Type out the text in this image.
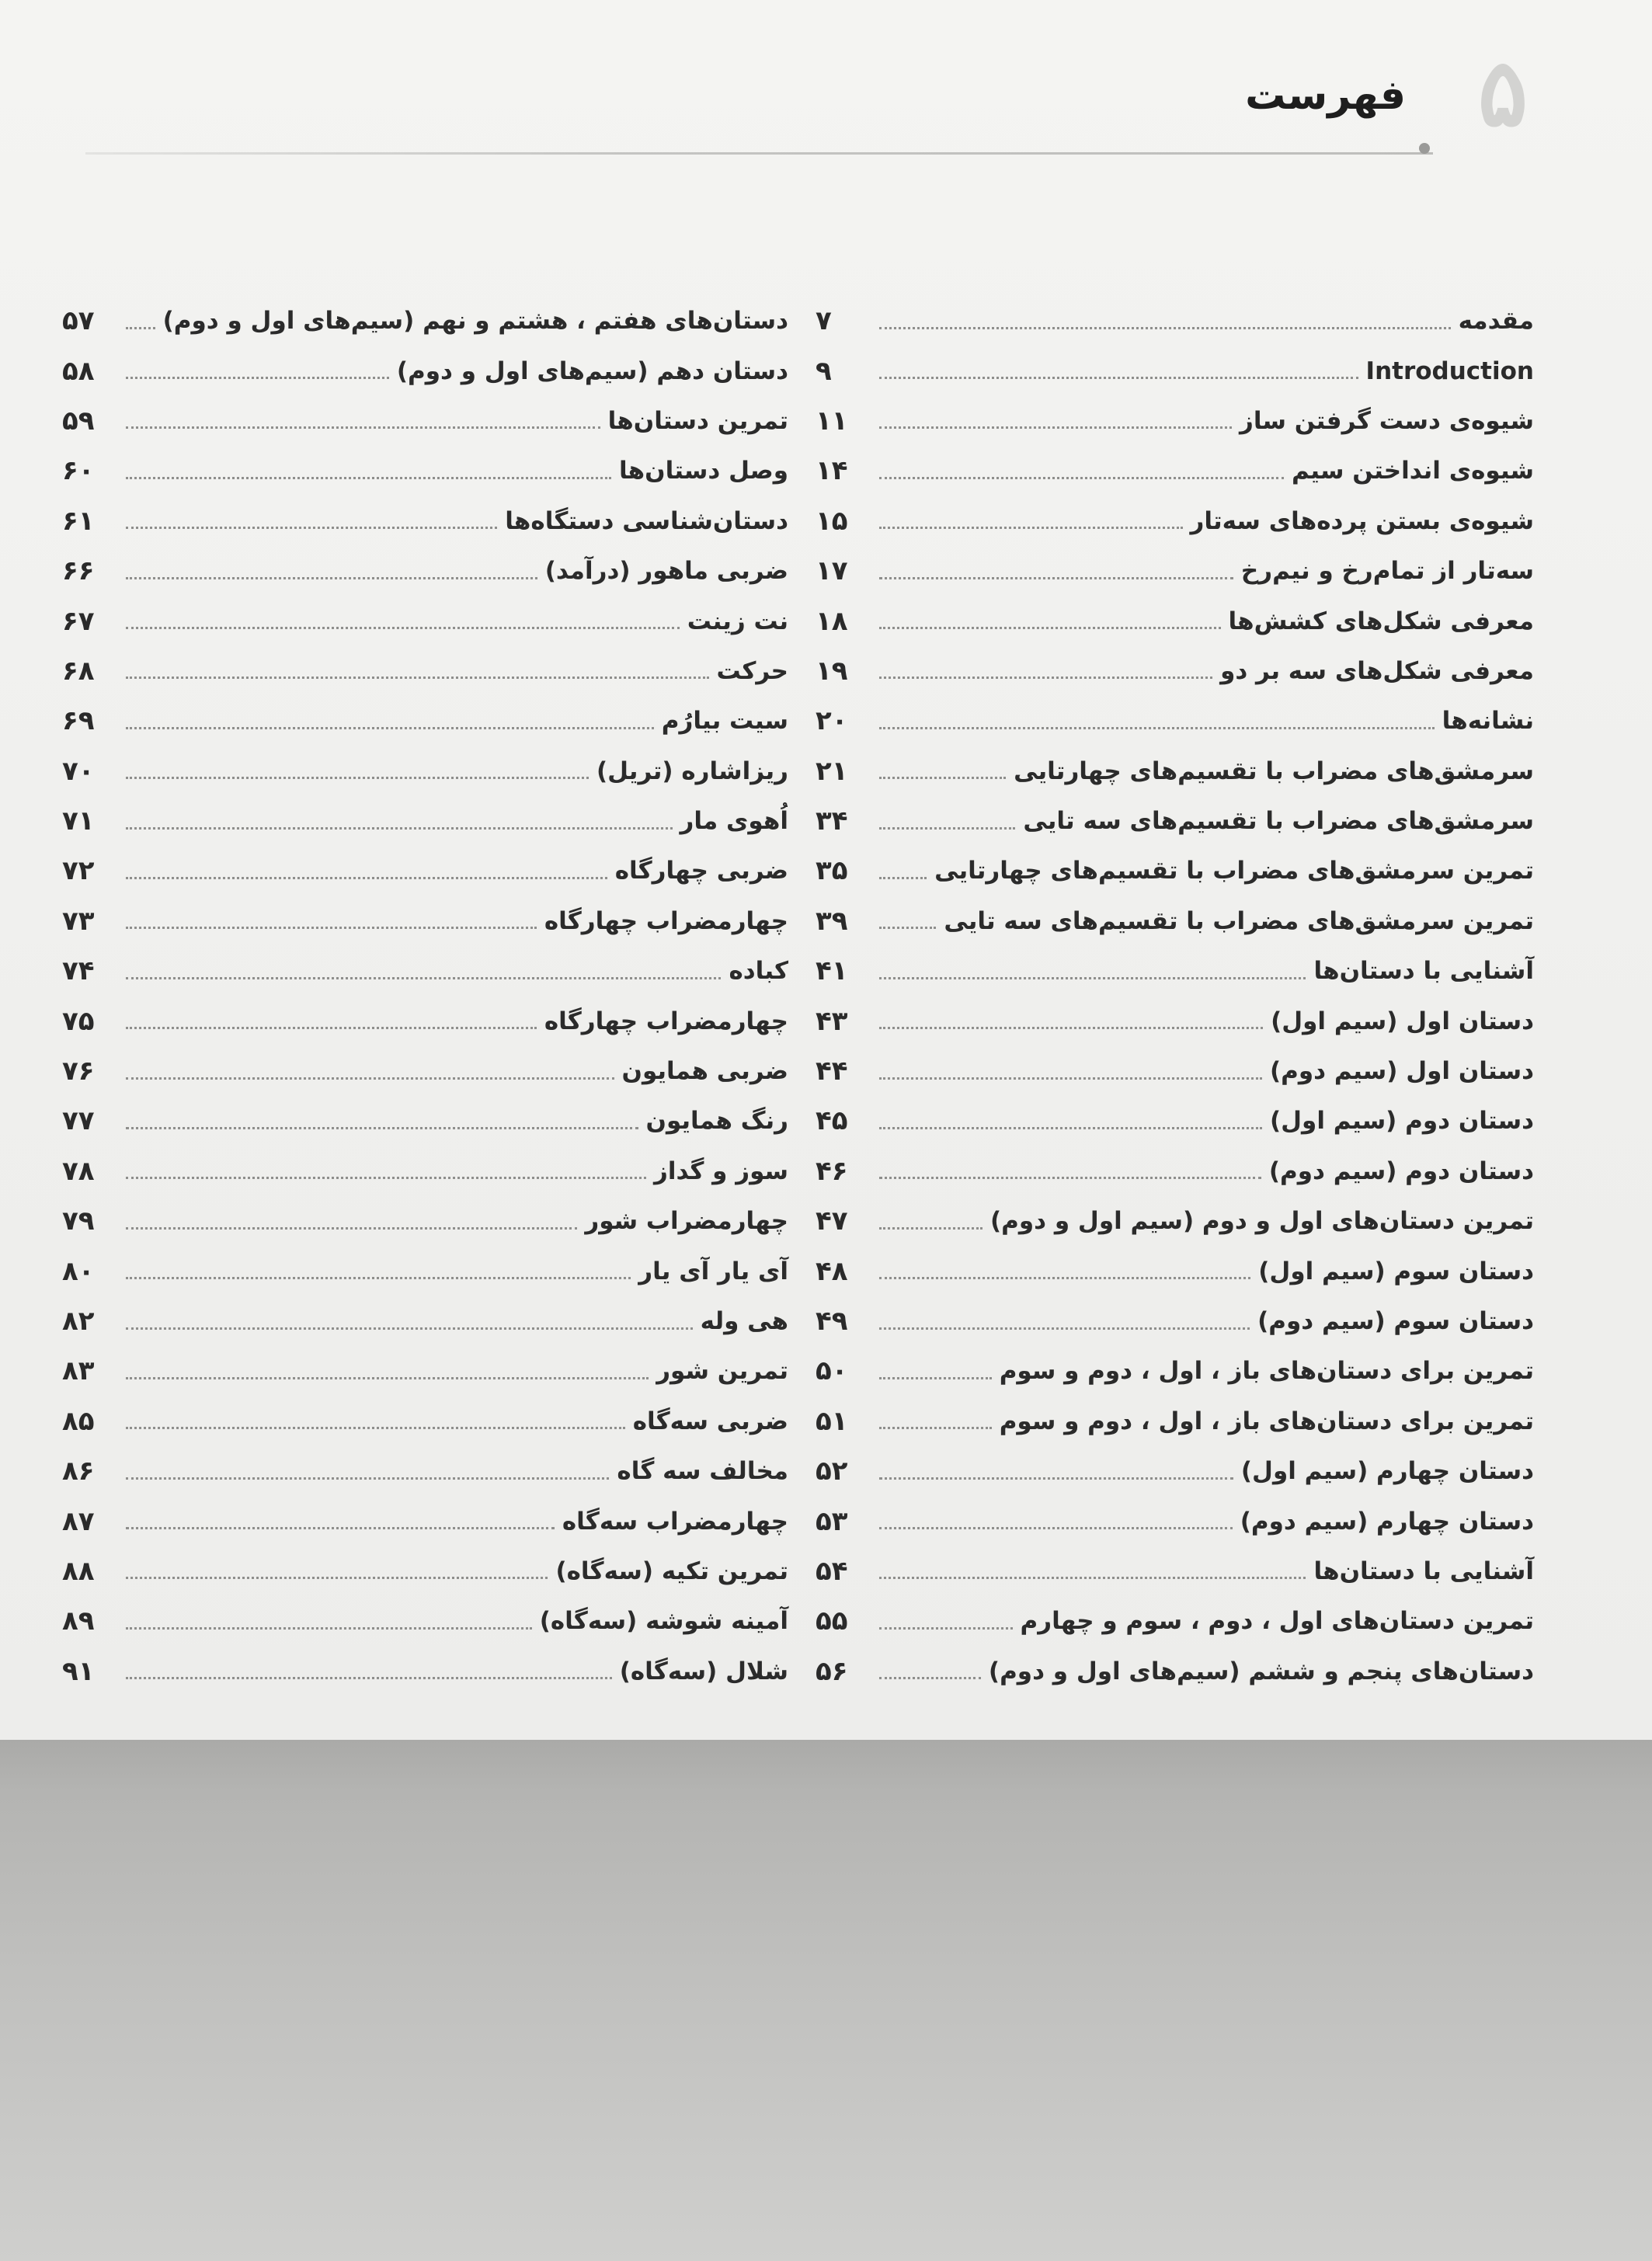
۵
فهرست
مقدمه
۷
Introduction
۹
شیوه‌ی دست گرفتن ساز
۱۱
شیوه‌ی انداختن سیم
۱۴
شیوه‌ی بستن پرده‌های سه‌تار
۱۵
سه‌تار از تمام‌رخ و نیم‌رخ
۱۷
معرفی شکل‌های کشش‌ها
۱۸
معرفی شکل‌های سه بر دو
۱۹
نشانه‌ها
۲۰
سرمشق‌های مضراب با تقسیم‌های چهارتایی
۲۱
سرمشق‌های مضراب با تقسیم‌های سه تایی
۳۴
تمرین سرمشق‌های مضراب با تقسیم‌های چهارتایی
۳۵
تمرین سرمشق‌های مضراب با تقسیم‌های سه تایی
۳۹
آشنایی با دستان‌ها
۴۱
دستان اول (سیم اول)
۴۳
دستان اول (سیم دوم)
۴۴
دستان دوم (سیم اول)
۴۵
دستان دوم (سیم دوم)
۴۶
تمرین دستان‌های اول و دوم (سیم اول و دوم)
۴۷
دستان سوم (سیم اول)
۴۸
دستان سوم (سیم دوم)
۴۹
تمرین برای دستان‌های باز ، اول ، دوم و سوم
۵۰
تمرین برای دستان‌های باز ، اول ، دوم و سوم
۵۱
دستان چهارم (سیم اول)
۵۲
دستان چهارم (سیم دوم)
۵۳
آشنایی با دستان‌ها
۵۴
تمرین دستان‌های اول ، دوم ، سوم و چهارم
۵۵
دستان‌های پنجم و ششم (سیم‌های اول و دوم)
۵۶
دستان‌های هفتم ، هشتم و نهم (سیم‌های اول و دوم)
۵۷
دستان دهم (سیم‌های اول و دوم)
۵۸
تمرین دستان‌ها
۵۹
وصل دستان‌ها
۶۰
دستان‌شناسی دستگاه‌ها
۶۱
ضربی ماهور (درآمد)
۶۶
نت زینت
۶۷
حرکت
۶۸
سیت بیارُم
۶۹
ریزاشاره (تریل)
۷۰
اُهوی مار
۷۱
ضربی چهارگاه
۷۲
چهارمضراب چهارگاه
۷۳
کباده
۷۴
چهارمضراب چهارگاه
۷۵
ضربی همایون
۷۶
رنگ همایون
۷۷
سوز و گداز
۷۸
چهارمضراب شور
۷۹
آی یار آی یار
۸۰
هی وله
۸۲
تمرین شور
۸۳
ضربی سه‌گاه
۸۵
مخالف سه گاه
۸۶
چهارمضراب سه‌گاه
۸۷
تمرین تکیه (سه‌گاه)
۸۸
آمینه شوشه (سه‌گاه)
۸۹
شلال (سه‌گاه)
۹۱
